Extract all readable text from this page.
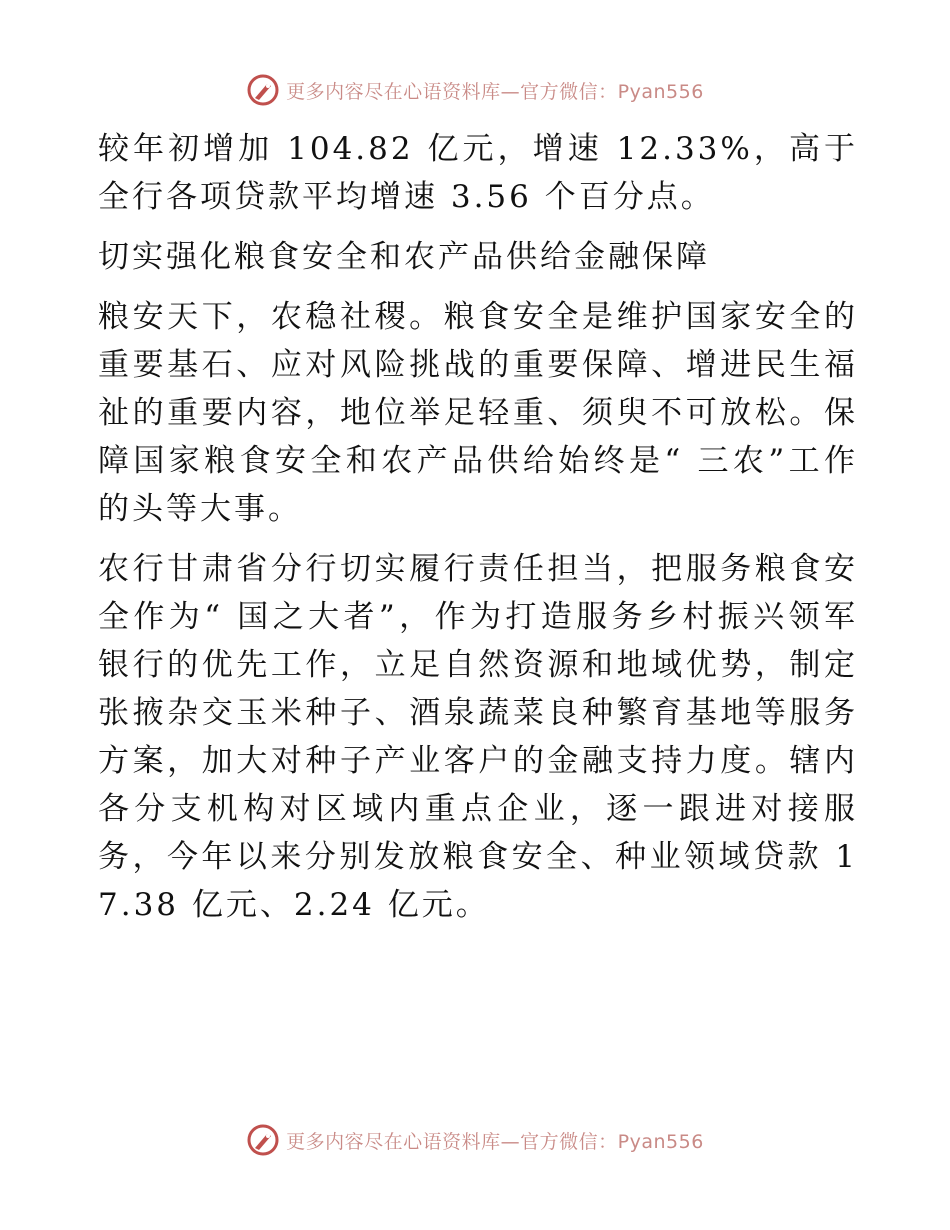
更多内容尽在心语资料库—官方微信：Pyan556

较年初增加 104.82 亿元，增速 12.33%，高于全行各项贷款平均增速 3.56 个百分点。

切实强化粮食安全和农产品供给金融保障

粮安天下，农稳社稷。粮食安全是维护国家安全的重要基石、应对风险挑战的重要保障、增进民生福祉的重要内容，地位举足轻重、须臾不可放松。保障国家粮食安全和农产品供给始终是“ 三农”工作的头等大事。

农行甘肃省分行切实履行责任担当，把服务粮食安全作为“ 国之大者”，作为打造服务乡村振兴领军银行的优先工作，立足自然资源和地域优势，制定张掖杂交玉米种子、酒泉蔬菜良种繁育基地等服务方案，加大对种子产业客户的金融支持力度。辖内各分支机构对区域内重点企业，逐一跟进对接服务，今年以来分别发放粮食安全、种业领域贷款 17.38 亿元、2.24 亿元。

更多内容尽在心语资料库—官方微信：Pyan556
